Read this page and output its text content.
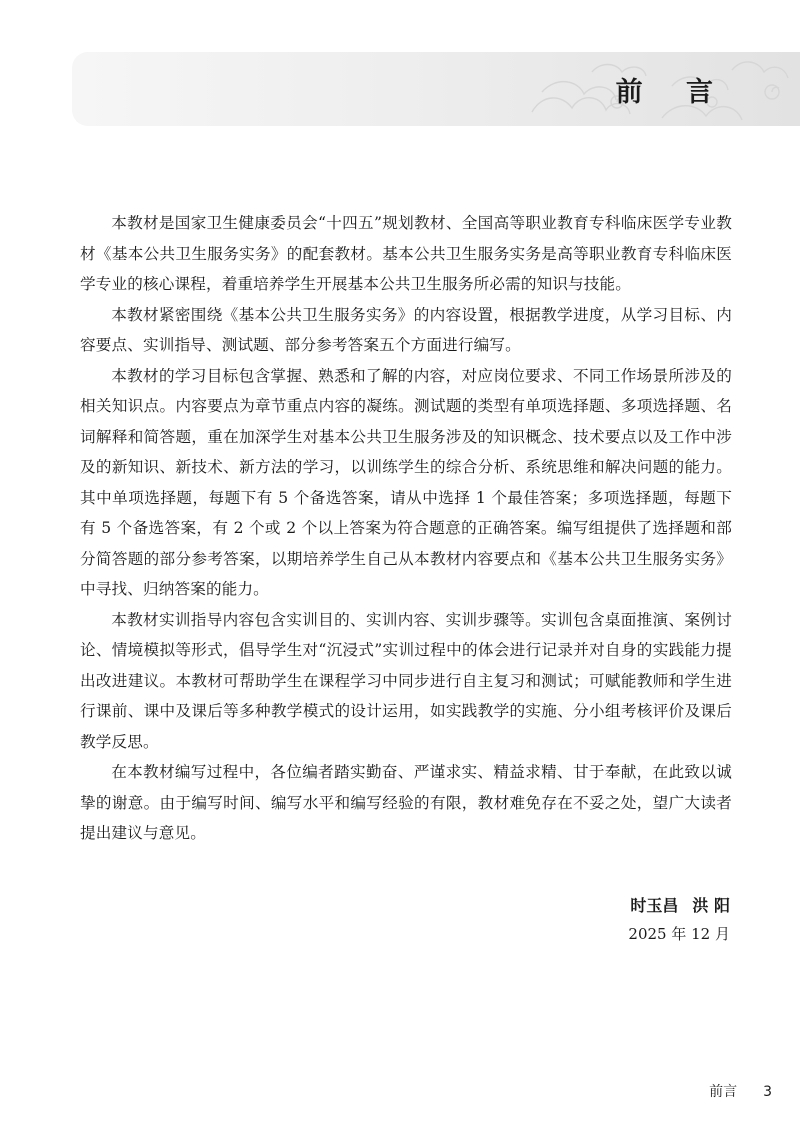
前 言

本教材是国家卫生健康委员会“十四五”规划教材、全国高等职业教育专科临床医学专业教材《基本公共卫生服务实务》的配套教材。基本公共卫生服务实务是高等职业教育专科临床医学专业的核心课程，着重培养学生开展基本公共卫生服务所必需的知识与技能。

本教材紧密围绕《基本公共卫生服务实务》的内容设置，根据教学进度，从学习目标、内容要点、实训指导、测试题、部分参考答案五个方面进行编写。

本教材的学习目标包含掌握、熟悉和了解的内容，对应岗位要求、不同工作场景所涉及的相关知识点。内容要点为章节重点内容的凝练。测试题的类型有单项选择题、多项选择题、名词解释和简答题，重在加深学生对基本公共卫生服务涉及的知识概念、技术要点以及工作中涉及的新知识、新技术、新方法的学习，以训练学生的综合分析、系统思维和解决问题的能力。其中单项选择题，每题下有 5 个备选答案，请从中选择 1 个最佳答案；多项选择题，每题下有 5 个备选答案，有 2 个或 2 个以上答案为符合题意的正确答案。编写组提供了选择题和部分简答题的部分参考答案，以期培养学生自己从本教材内容要点和《基本公共卫生服务实务》中寻找、归纳答案的能力。

本教材实训指导内容包含实训目的、实训内容、实训步骤等。实训包含桌面推演、案例讨论、情境模拟等形式，倡导学生对“沉浸式”实训过程中的体会进行记录并对自身的实践能力提出改进建议。本教材可帮助学生在课程学习中同步进行自主复习和测试；可赋能教师和学生进行课前、课中及课后等多种教学模式的设计运用，如实践教学的实施、分小组考核评价及课后教学反思。

在本教材编写过程中，各位编者踏实勤奋、严谨求实、精益求精、甘于奉献，在此致以诚挚的谢意。由于编写时间、编写水平和编写经验的有限，教材难免存在不妥之处，望广大读者提出建议与意见。

时玉昌 洪 阳
2025 年 12 月
前言 3
